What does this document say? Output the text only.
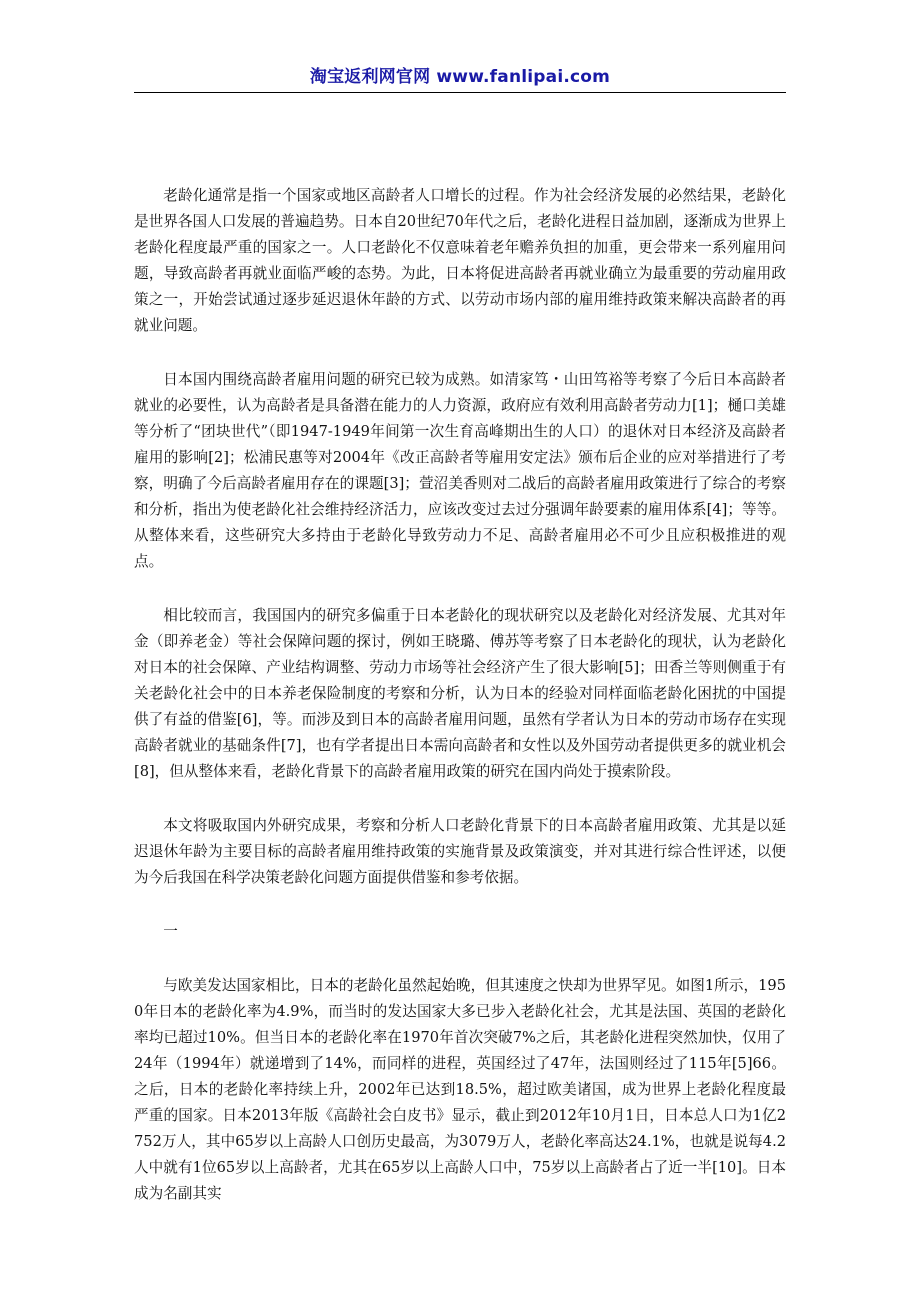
淘宝返利网官网 www.fanlipai.com

老龄化通常是指一个国家或地区高龄者人口增长的过程。作为社会经济发展的必然结果，老龄化是世界各国人口发展的普遍趋势。日本自20世纪70年代之后，老龄化进程日益加剧，逐渐成为世界上老龄化程度最严重的国家之一。人口老龄化不仅意味着老年赡养负担的加重，更会带来一系列雇用问题，导致高龄者再就业面临严峻的态势。为此，日本将促进高龄者再就业确立为最重要的劳动雇用政策之一，开始尝试通过逐步延迟退休年龄的方式、以劳动市场内部的雇用维持政策来解决高龄者的再就业问题。

日本国内围绕高龄者雇用问题的研究已较为成熟。如清家笃・山田笃裕等考察了今后日本高龄者就业的必要性，认为高龄者是具备潜在能力的人力资源，政府应有效利用高龄者劳动力[1]；樋口美雄等分析了“团块世代”（即1947-1949年间第一次生育高峰期出生的人口）的退休对日本经济及高龄者雇用的影响[2]；松浦民惠等对2004年《改正高龄者等雇用安定法》颁布后企业的应对举措进行了考察，明确了今后高龄者雇用存在的课题[3]；萱沼美香则对二战后的高龄者雇用政策进行了综合的考察和分析，指出为使老龄化社会维持经济活力，应该改变过去过分强调年龄要素的雇用体系[4]；等等。从整体来看，这些研究大多持由于老龄化导致劳动力不足、高龄者雇用必不可少且应积极推进的观点。

相比较而言，我国国内的研究多偏重于日本老龄化的现状研究以及老龄化对经济发展、尤其对年金（即养老金）等社会保障问题的探讨，例如王晓璐、傅苏等考察了日本老龄化的现状，认为老龄化对日本的社会保障、产业结构调整、劳动力市场等社会经济产生了很大影响[5]；田香兰等则侧重于有关老龄化社会中的日本养老保险制度的考察和分析，认为日本的经验对同样面临老龄化困扰的中国提供了有益的借鉴[6]，等。而涉及到日本的高龄者雇用问题，虽然有学者认为日本的劳动市场存在实现高龄者就业的基础条件[7]，也有学者提出日本需向高龄者和女性以及外国劳动者提供更多的就业机会[8]，但从整体来看，老龄化背景下的高龄者雇用政策的研究在国内尚处于摸索阶段。

本文将吸取国内外研究成果，考察和分析人口老龄化背景下的日本高龄者雇用政策、尤其是以延迟退休年龄为主要目标的高龄者雇用维持政策的实施背景及政策演变，并对其进行综合性评述，以便为今后我国在科学决策老龄化问题方面提供借鉴和参考依据。

一

与欧美发达国家相比，日本的老龄化虽然起始晚，但其速度之快却为世界罕见。如图1所示，1950年日本的老龄化率为4.9%，而当时的发达国家大多已步入老龄化社会，尤其是法国、英国的老龄化率均已超过10%。但当日本的老龄化率在1970年首次突破7%之后，其老龄化进程突然加快，仅用了24年（1994年）就递增到了14%，而同样的进程，英国经过了47年，法国则经过了115年[5]66。之后，日本的老龄化率持续上升，2002年已达到18.5%，超过欧美诸国，成为世界上老龄化程度最严重的国家。日本2013年版《高龄社会白皮书》显示，截止到2012年10月1日，日本总人口为1亿2752万人，其中65岁以上高龄人口创历史最高，为3079万人，老龄化率高达24.1%，也就是说每4.2人中就有1位65岁以上高龄者，尤其在65岁以上高龄人口中，75岁以上高龄者占了近一半[10]。日本成为名副其实
